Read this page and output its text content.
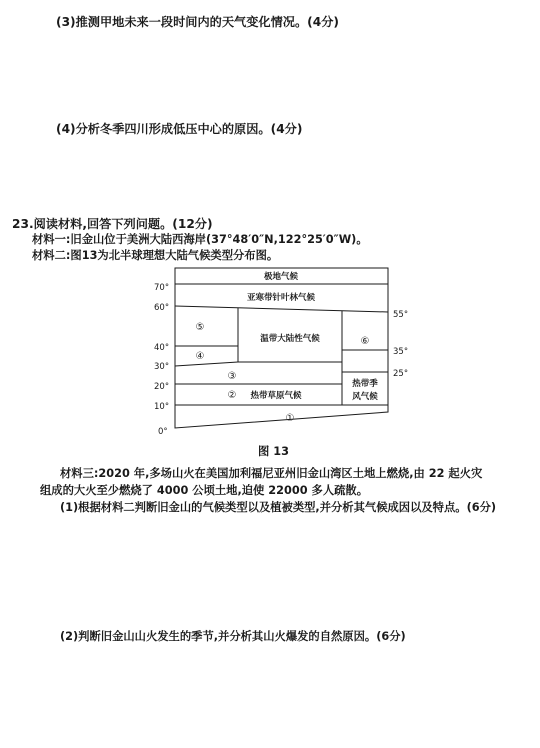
(3)推测甲地未来一段时间内的天气变化情况。(4分)
(4)分析冬季四川形成低压中心的原因。(4分)
23.阅读材料,回答下列问题。(12分)
材料一:旧金山位于美洲大陆西海岸(37°48′0″N,122°25′0″W)。
材料二:图13为北半球理想大陆气候类型分布图。
70°
60°
40°
30°
20°
10°
0°
55°
35°
25°
极地气候
亚寒带针叶林气候
温带大陆性气候
热带草原气候
热带季
风气候
⑤
④
③
②
①
⑥
图 13
材料三:2020 年,多场山火在美国加利福尼亚州旧金山湾区土地上燃烧,由 22 起火灾
组成的大火至少燃烧了 4000 公顷土地,迫使 22000 多人疏散。
(1)根据材料二判断旧金山的气候类型以及植被类型,并分析其气候成因以及特点。(6分)
(2)判断旧金山山火发生的季节,并分析其山火爆发的自然原因。(6分)
